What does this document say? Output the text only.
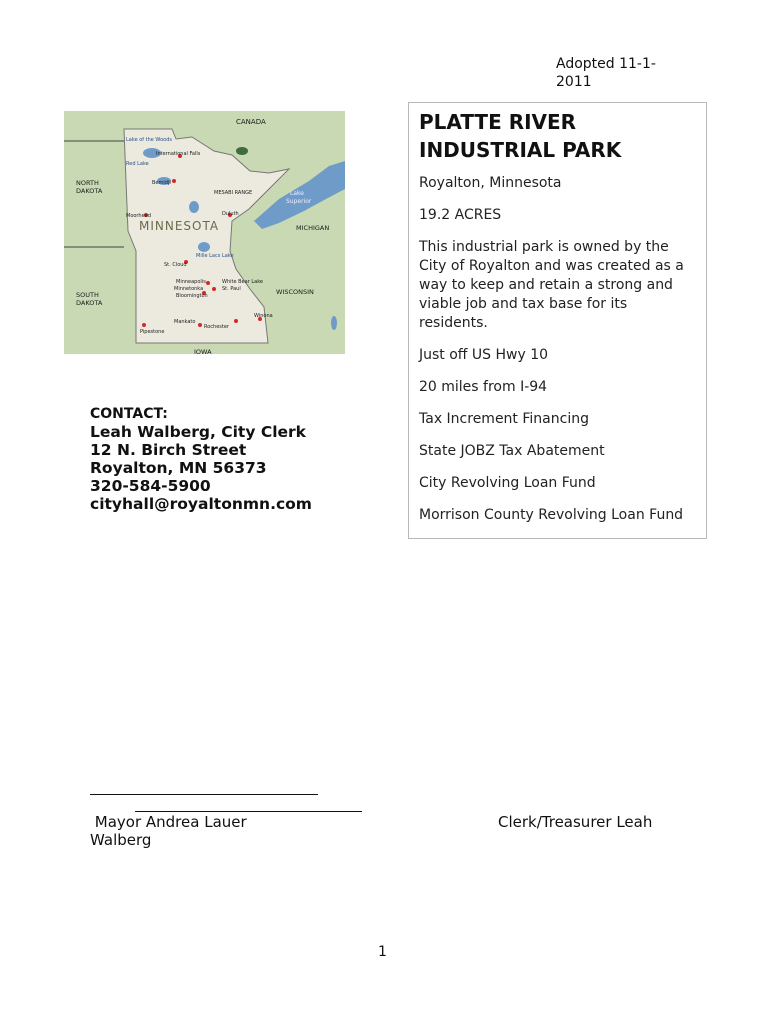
Adopted 11-1-2011
CANADA
NORTH
DAKOTA
SOUTH
DAKOTA
MINNESOTA
WISCONSIN
MICHIGAN
Lake
Superior
IOWA
International Falls
Bemidji
Moorhead	Duluth
MESABI RANGE
St. Cloud
Minneapolis	White Bear Lake
St. Paul
Minnetonka
Bloomington
Rochester
Winona
Mankato
Pipestone
Red Lake
Lake of the Woods
Mille Lacs Lake
PLATTE RIVER
INDUSTRIAL PARK

Royalton, Minnesota

19.2 ACRES

This industrial park is owned by the City of Royalton and was created as a way to keep and retain a strong and viable job and tax base for its residents.

Just off US Hwy 10

20 miles from I-94

Tax Increment Financing

State JOBZ Tax Abatement

City Revolving Loan Fund

Morrison County Revolving Loan Fund

CONTACT:
Leah Walberg, City Clerk
12 N. Birch Street
Royalton, MN 56373
320-584-5900
cityhall@royaltonmn.com
Mayor Andrea Lauer	Clerk/Treasurer Leah
Walberg
1
